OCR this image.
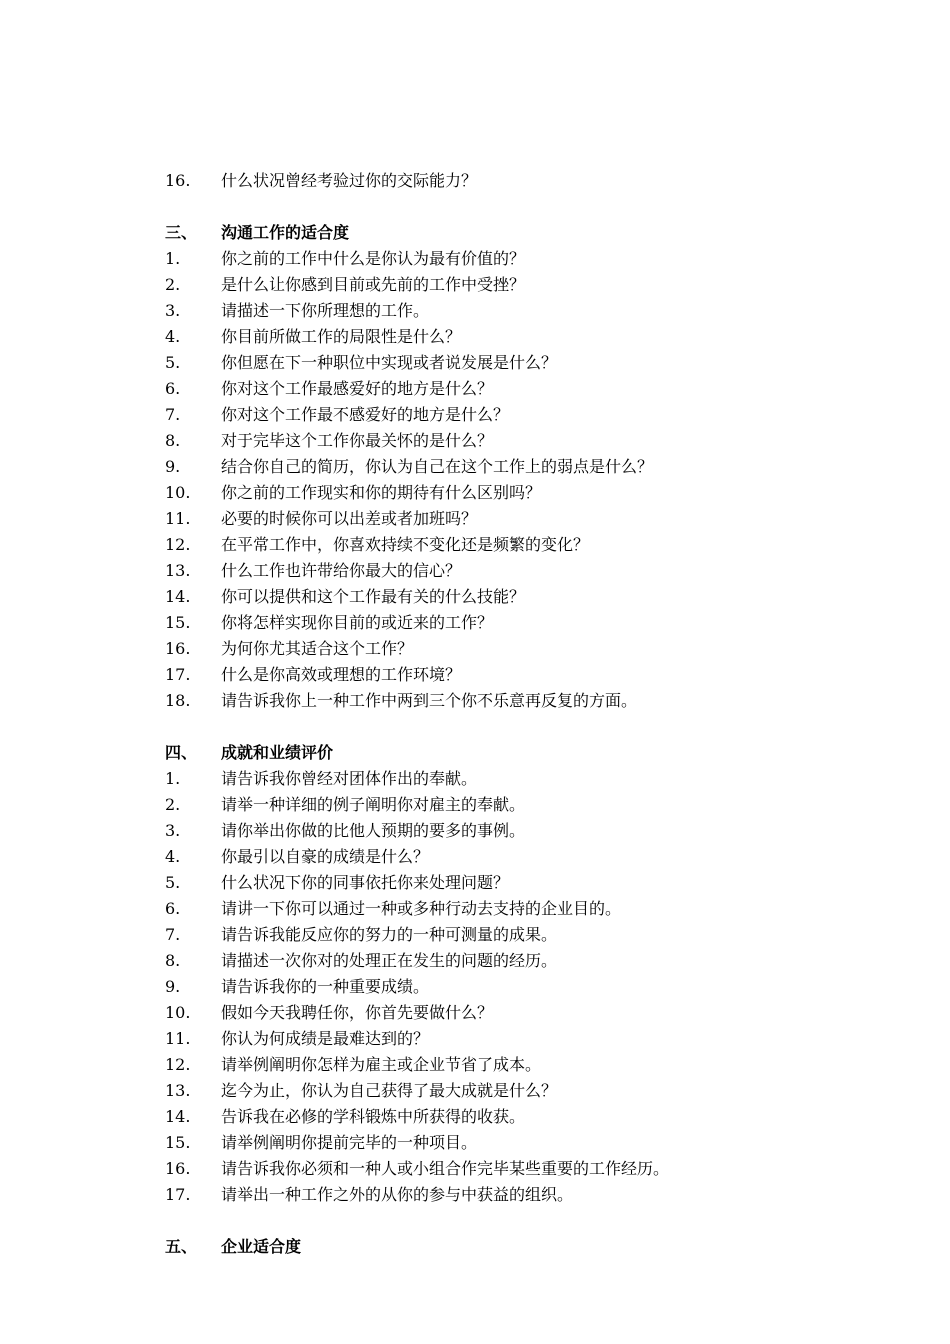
16.	什么状况曾经考验过你的交际能力？
三、	沟通工作的适合度
1.	你之前的工作中什么是你认为最有价值的？
2.	是什么让你感到目前或先前的工作中受挫？
3.	请描述一下你所理想的工作。
4.	你目前所做工作的局限性是什么？
5.	你但愿在下一种职位中实现或者说发展是什么？
6.	你对这个工作最感爱好的地方是什么？
7.	你对这个工作最不感爱好的地方是什么？
8.	对于完毕这个工作你最关怀的是什么？
9.	结合你自己的简历，你认为自己在这个工作上的弱点是什么？
10.	你之前的工作现实和你的期待有什么区别吗？
11.	必要的时候你可以出差或者加班吗？
12.	在平常工作中，你喜欢持续不变化还是频繁的变化？
13.	什么工作也许带给你最大的信心？
14.	你可以提供和这个工作最有关的什么技能？
15.	你将怎样实现你目前的或近来的工作？
16.	为何你尤其适合这个工作？
17.	什么是你高效或理想的工作环境？
18.	请告诉我你上一种工作中两到三个你不乐意再反复的方面。
四、	成就和业绩评价
1.	请告诉我你曾经对团体作出的奉献。
2.	请举一种详细的例子阐明你对雇主的奉献。
3.	请你举出你做的比他人预期的要多的事例。
4.	你最引以自豪的成绩是什么？
5.	什么状况下你的同事依托你来处理问题？
6.	请讲一下你可以通过一种或多种行动去支持的企业目的。
7.	请告诉我能反应你的努力的一种可测量的成果。
8.	请描述一次你对的处理正在发生的问题的经历。
9.	请告诉我你的一种重要成绩。
10.	假如今天我聘任你，你首先要做什么？
11.	你认为何成绩是最难达到的？
12.	请举例阐明你怎样为雇主或企业节省了成本。
13.	迄今为止，你认为自己获得了最大成就是什么？
14.	告诉我在必修的学科锻炼中所获得的收获。
15.	请举例阐明你提前完毕的一种项目。
16.	请告诉我你必须和一种人或小组合作完毕某些重要的工作经历。
17.	请举出一种工作之外的从你的参与中获益的组织。
五、	企业适合度
